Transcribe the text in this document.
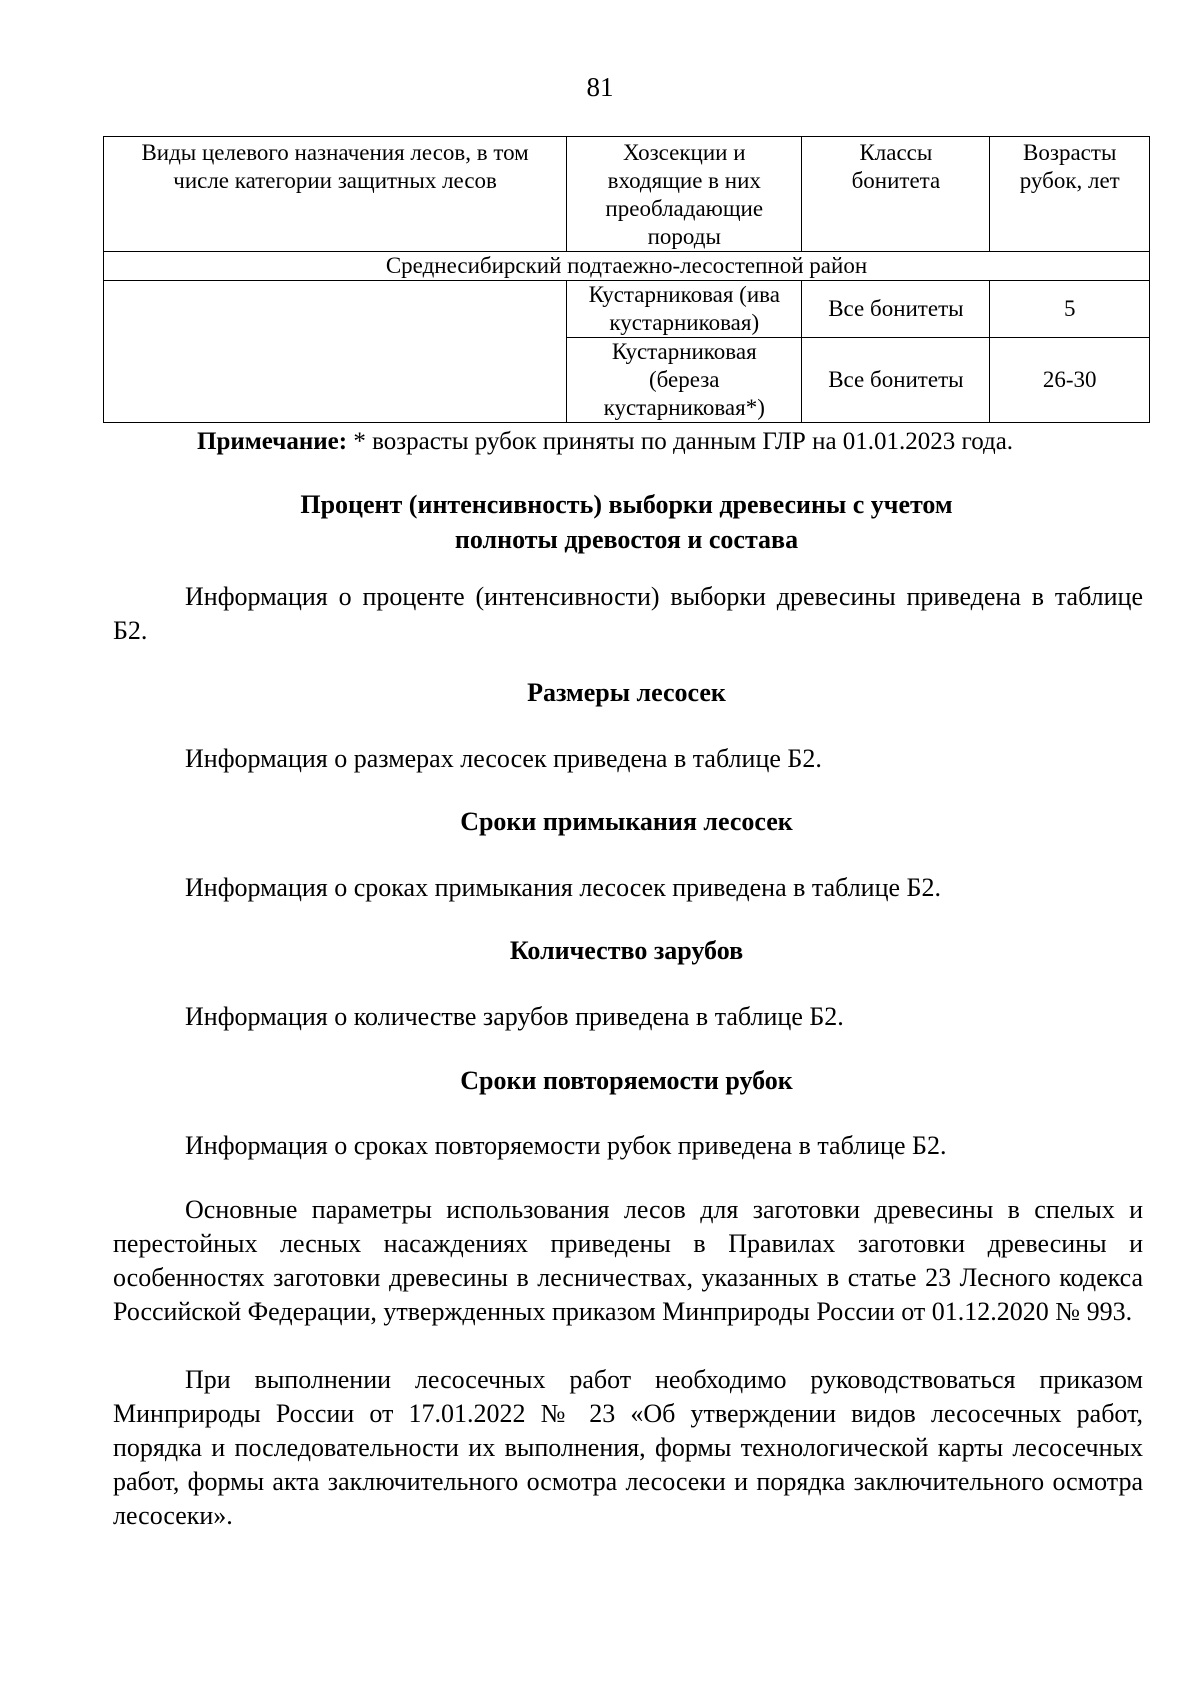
81
Виды целевого назначения лесов, в том числе категории защитных лесов	Хозсекции и входящие в них преобладающие породы	Классы бонитета	Возрасты рубок, лет
Среднесибирский подтаежно-лесостепной район			
	Кустарниковая (ива кустарниковая)	Все бонитеты	5
	Кустарниковая (береза кустарниковая*)	Все бонитеты	26-30
Примечание: * возрасты рубок приняты по данным ГЛР на 01.01.2023 года.
Процент (интенсивность) выборки древесины с учетом полноты древостоя и состава
Информация о проценте (интенсивности) выборки древесины приведена в таблице Б2.
Размеры лесосек
Информация о размерах лесосек приведена в таблице Б2.
Сроки примыкания лесосек
Информация о сроках примыкания лесосек приведена в таблице Б2.
Количество зарубов
Информация о количестве зарубов приведена в таблице Б2.
Сроки повторяемости рубок
Информация о сроках повторяемости рубок приведена в таблице Б2.
Основные параметры использования лесов для заготовки древесины в спелых и перестойных лесных насаждениях приведены в Правилах заготовки древесины и особенностях заготовки древесины в лесничествах, указанных в статье 23 Лесного кодекса Российской Федерации, утвержденных приказом Минприроды России от 01.12.2020 № 993.
При выполнении лесосечных работ необходимо руководствоваться приказом Минприроды России от 17.01.2022 № 23 «Об утверждении видов лесосечных работ, порядка и последовательности их выполнения, формы технологической карты лесосечных работ, формы акта заключительного осмотра лесосеки и порядка заключительного осмотра лесосеки».
